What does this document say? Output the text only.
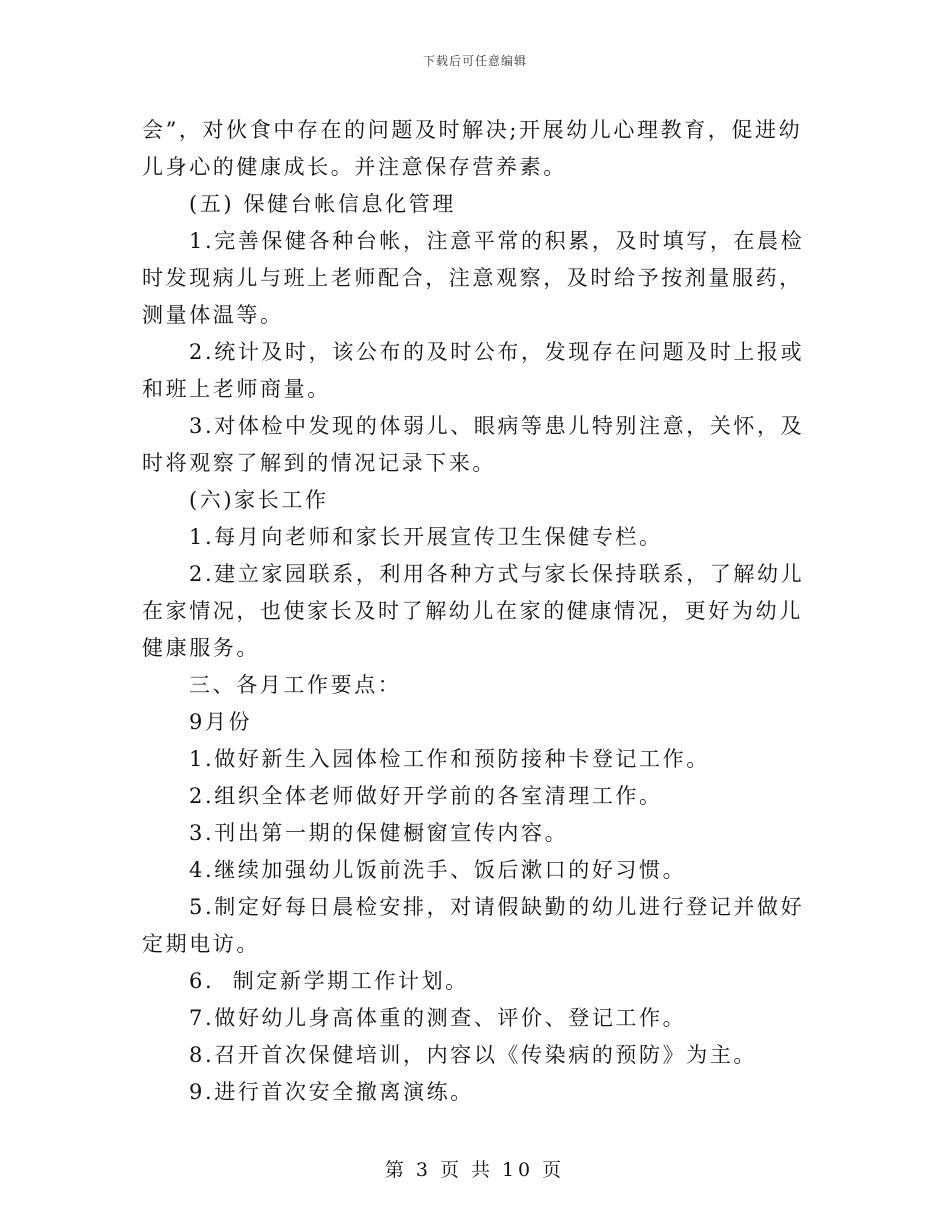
下载后可任意编辑

会”，对伙食中存在的问题及时解决;开展幼儿心理教育，促进幼儿身心的健康成长。并注意保存营养素。

(五) 保健台帐信息化管理

1.完善保健各种台帐，注意平常的积累，及时填写，在晨检时发现病儿与班上老师配合，注意观察，及时给予按剂量服药，测量体温等。

2.统计及时，该公布的及时公布，发现存在问题及时上报或和班上老师商量。

3.对体检中发现的体弱儿、眼病等患儿特别注意，关怀，及时将观察了解到的情况记录下来。

(六)家长工作

1.每月向老师和家长开展宣传卫生保健专栏。

2.建立家园联系，利用各种方式与家长保持联系，了解幼儿在家情况，也使家长及时了解幼儿在家的健康情况，更好为幼儿健康服务。

三、各月工作要点：

9月份

1.做好新生入园体检工作和预防接种卡登记工作。

2.组织全体老师做好开学前的各室清理工作。

3.刊出第一期的保健橱窗宣传内容。

4.继续加强幼儿饭前洗手、饭后漱口的好习惯。

5.制定好每日晨检安排，对请假缺勤的幼儿进行登记并做好定期电访。

6.  制定新学期工作计划。

7.做好幼儿身高体重的测查、评价、登记工作。

8.召开首次保健培训，内容以《传染病的预防》为主。

9.进行首次安全撤离演练。

第 3 页 共 10 页
